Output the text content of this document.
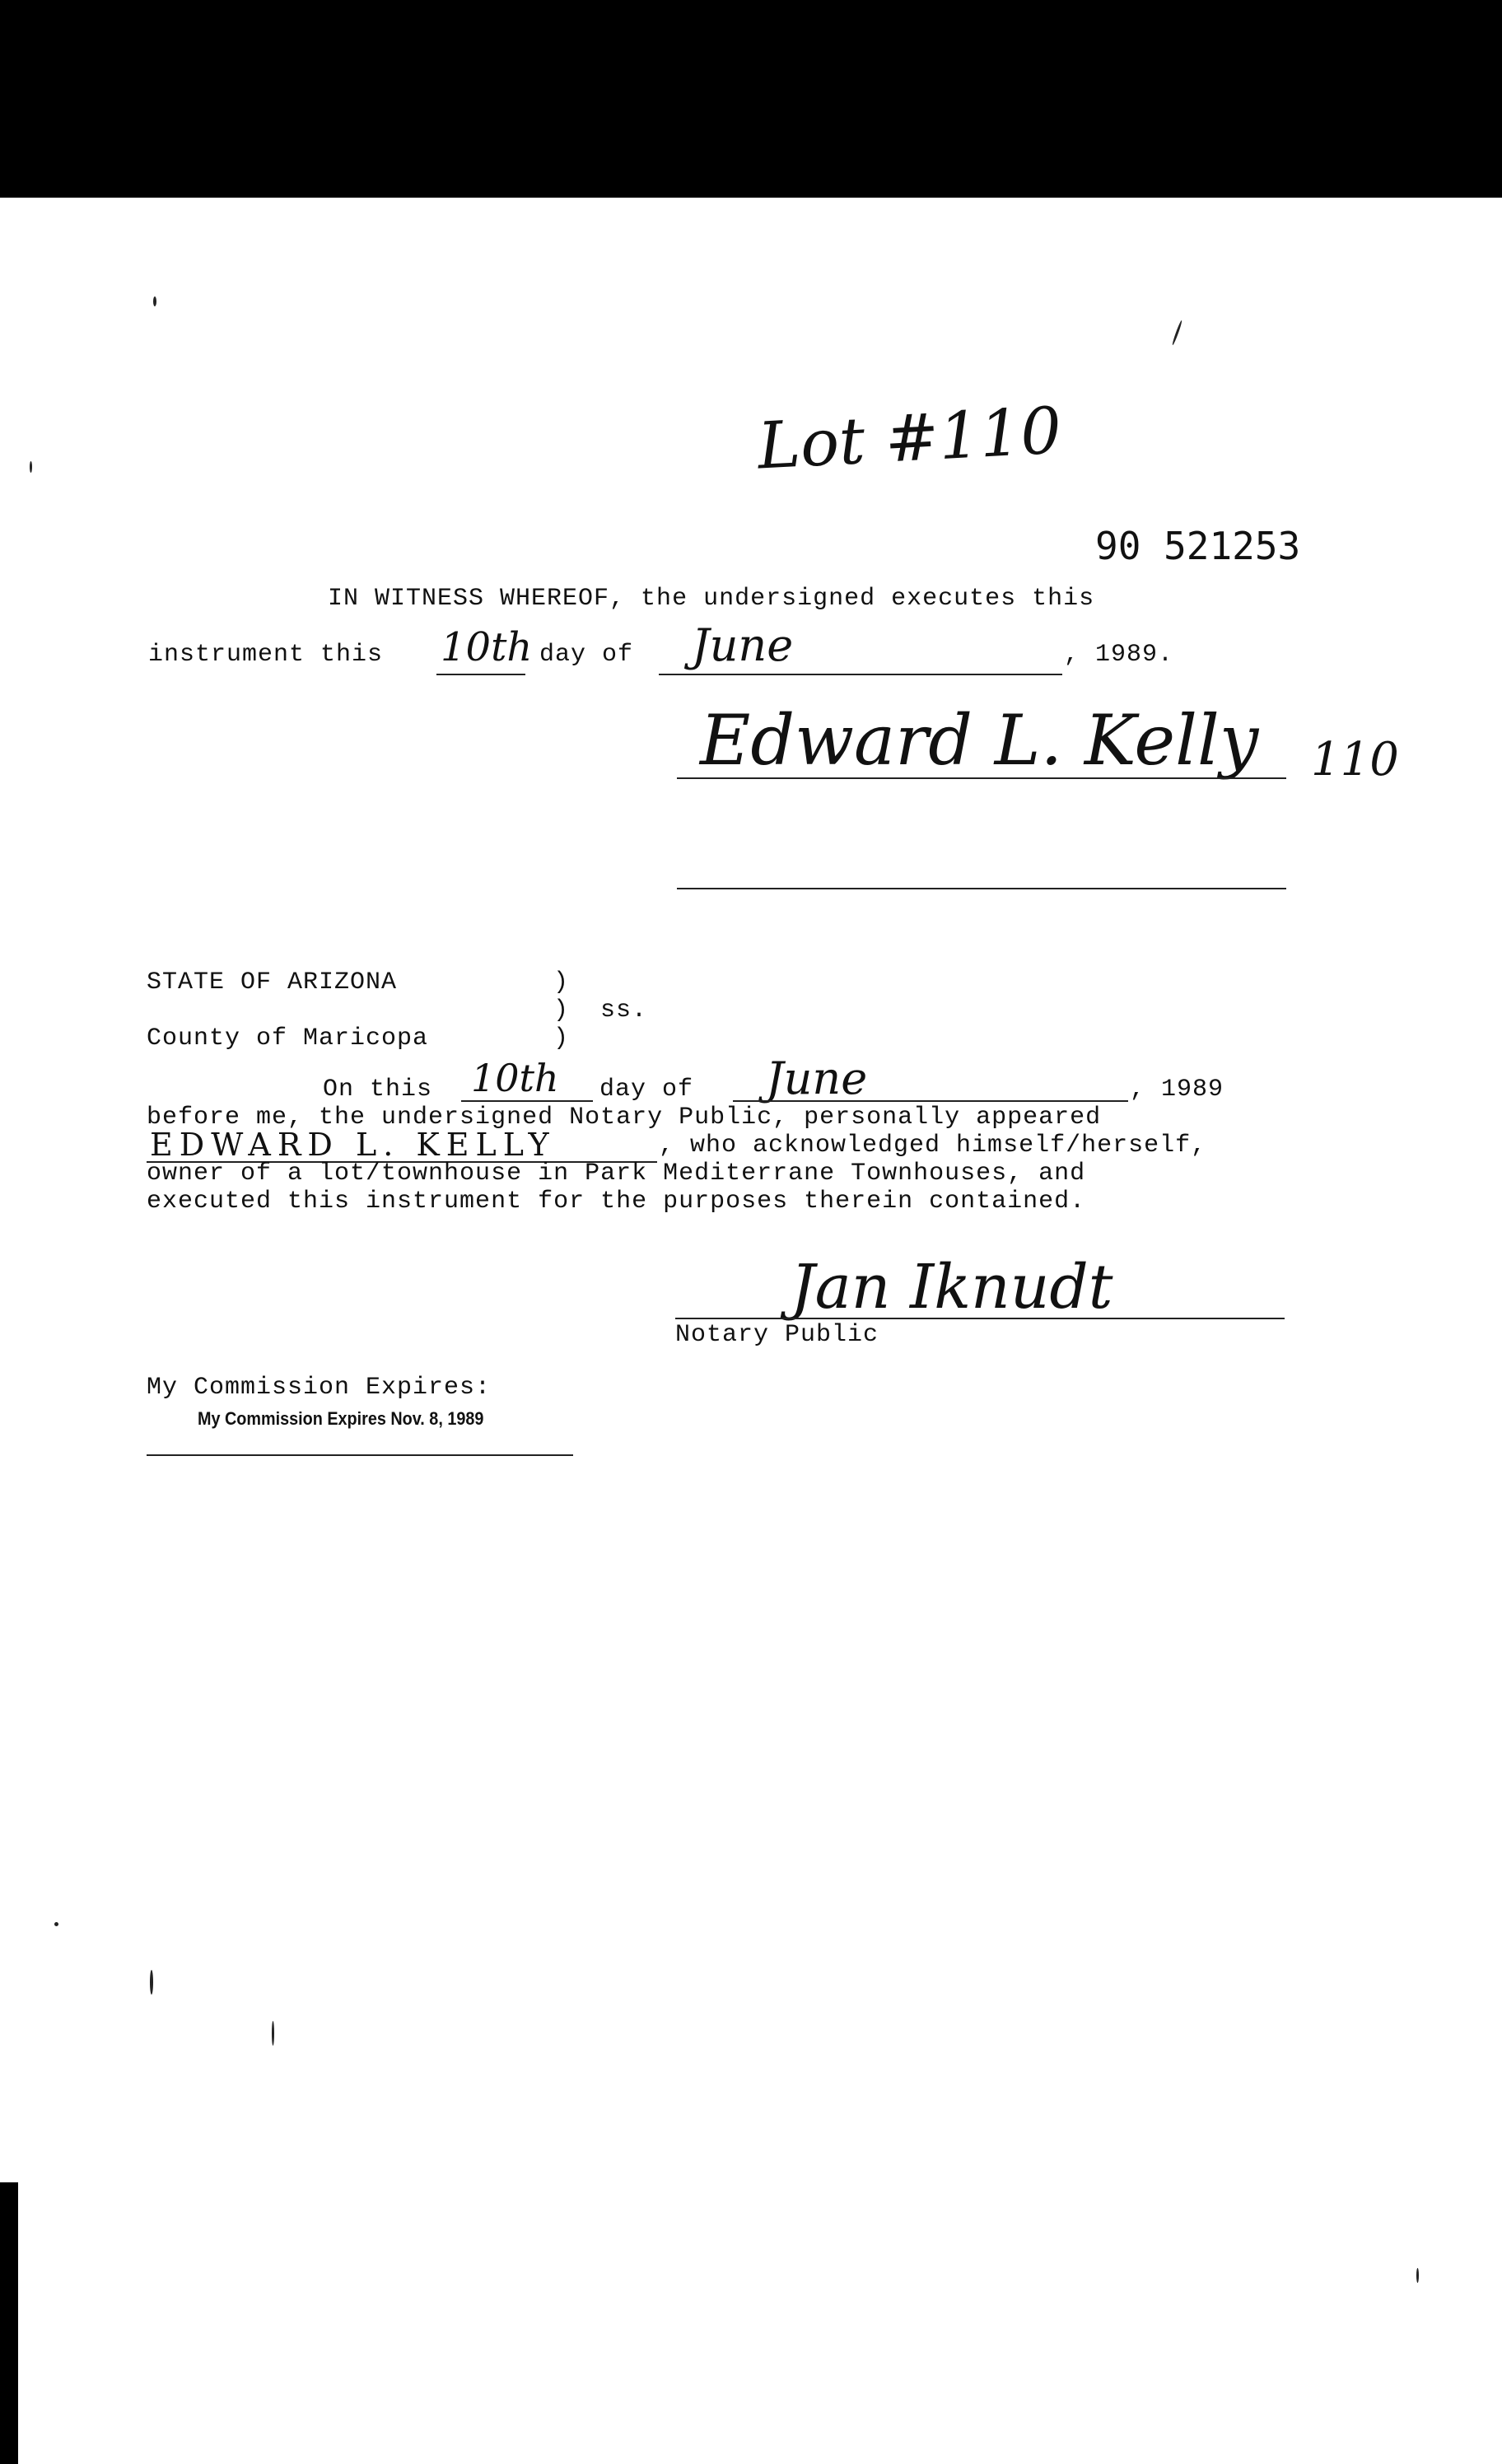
Lot #110
90 521253
IN WITNESS WHEREOF, the undersigned executes this
instrument this 10th day of June	, 1989.
Edward L. Kelly 110
STATE OF ARIZONA	)
)  ss.
)
County of Maricopa
On this 10th day of June	, 1989
before me, the undersigned Notary Public, personally appeared
EDWARD L. KELLY	, who acknowledged himself/herself,
owner of a lot/townhouse in Park Mediterrane Townhouses, and
executed this instrument for the purposes therein contained.
Jan Iknudt
Notary Public
My Commission Expires:
My Commission Expires Nov. 8, 1989
